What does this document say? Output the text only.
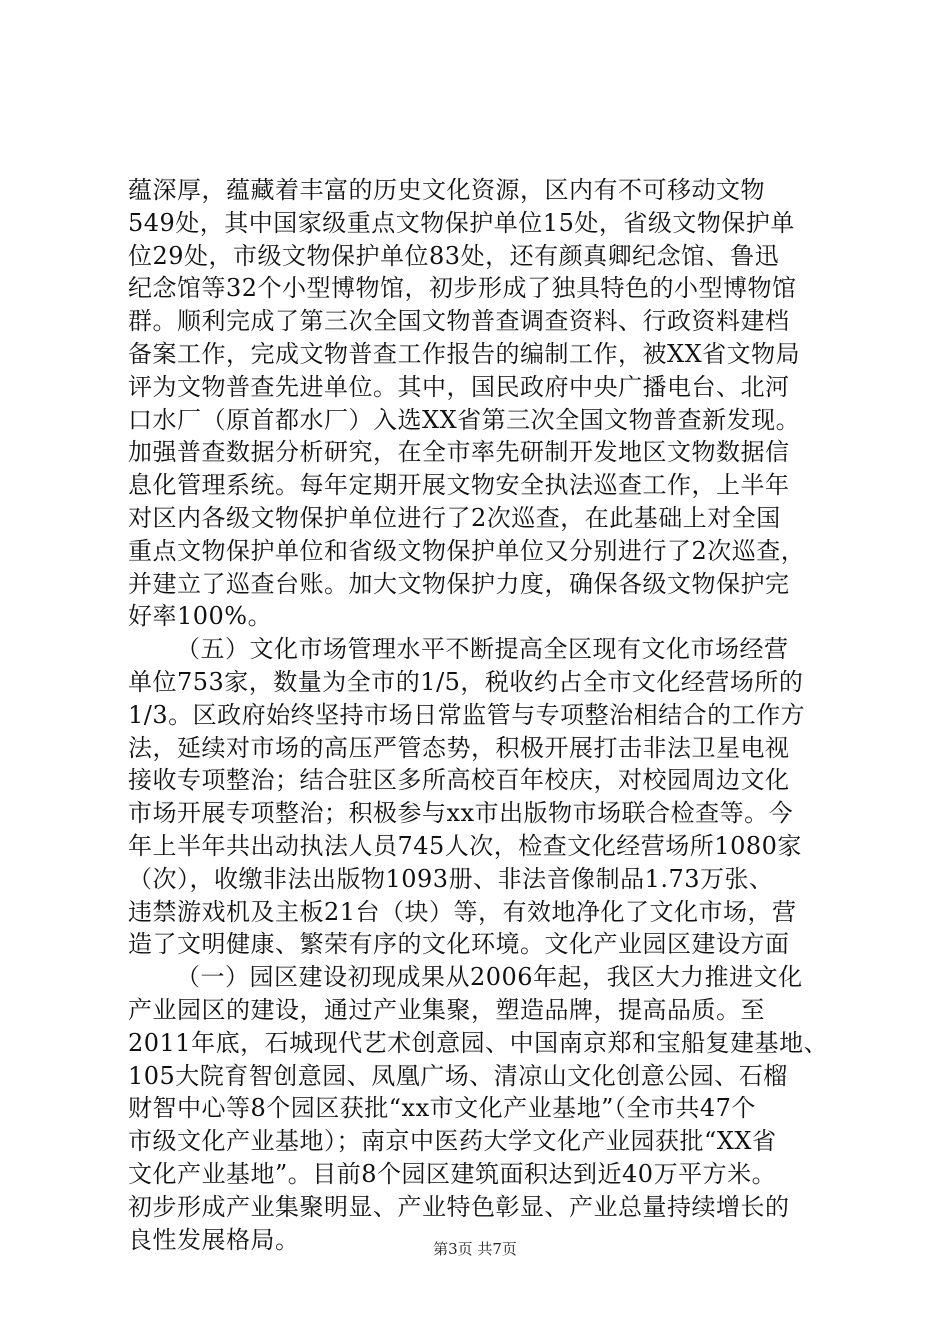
蕴深厚，蕴藏着丰富的历史文化资源，区内有不可移动文物
549处，其中国家级重点文物保护单位15处，省级文物保护单
位29处，市级文物保护单位83处，还有颜真卿纪念馆、鲁迅
纪念馆等32个小型博物馆，初步形成了独具特色的小型博物馆
群。顺利完成了第三次全国文物普查调查资料、行政资料建档
备案工作，完成文物普查工作报告的编制工作，被XX省文物局
评为文物普查先进单位。其中，国民政府中央广播电台、北河
口水厂（原首都水厂）入选XX省第三次全国文物普查新发现。
加强普查数据分析研究，在全市率先研制开发地区文物数据信
息化管理系统。每年定期开展文物安全执法巡查工作，上半年
对区内各级文物保护单位进行了2次巡查，在此基础上对全国
重点文物保护单位和省级文物保护单位又分别进行了2次巡查，
并建立了巡查台账。加大文物保护力度，确保各级文物保护完
好率100%。
（五）文化市场管理水平不断提高全区现有文化市场经营
单位753家，数量为全市的1/5，税收约占全市文化经营场所的
1/3。区政府始终坚持市场日常监管与专项整治相结合的工作方
法，延续对市场的高压严管态势，积极开展打击非法卫星电视
接收专项整治；结合驻区多所高校百年校庆，对校园周边文化
市场开展专项整治；积极参与xx市出版物市场联合检查等。今
年上半年共出动执法人员745人次，检查文化经营场所1080家
（次），收缴非法出版物1093册、非法音像制品1.73万张、
违禁游戏机及主板21台（块）等，有效地净化了文化市场，营
造了文明健康、繁荣有序的文化环境。文化产业园区建设方面
（一）园区建设初现成果从2006年起，我区大力推进文化
产业园区的建设，通过产业集聚，塑造品牌，提高品质。至
2011年底，石城现代艺术创意园、中国南京郑和宝船复建基地、
105大院育智创意园、凤凰广场、清凉山文化创意公园、石榴
财智中心等8个园区获批“xx市文化产业基地”（全市共47个
市级文化产业基地）；南京中医药大学文化产业园获批“XX省
文化产业基地”。目前8个园区建筑面积达到近40万平方米。
初步形成产业集聚明显、产业特色彰显、产业总量持续增长的
良性发展格局。	第3页 共7页
